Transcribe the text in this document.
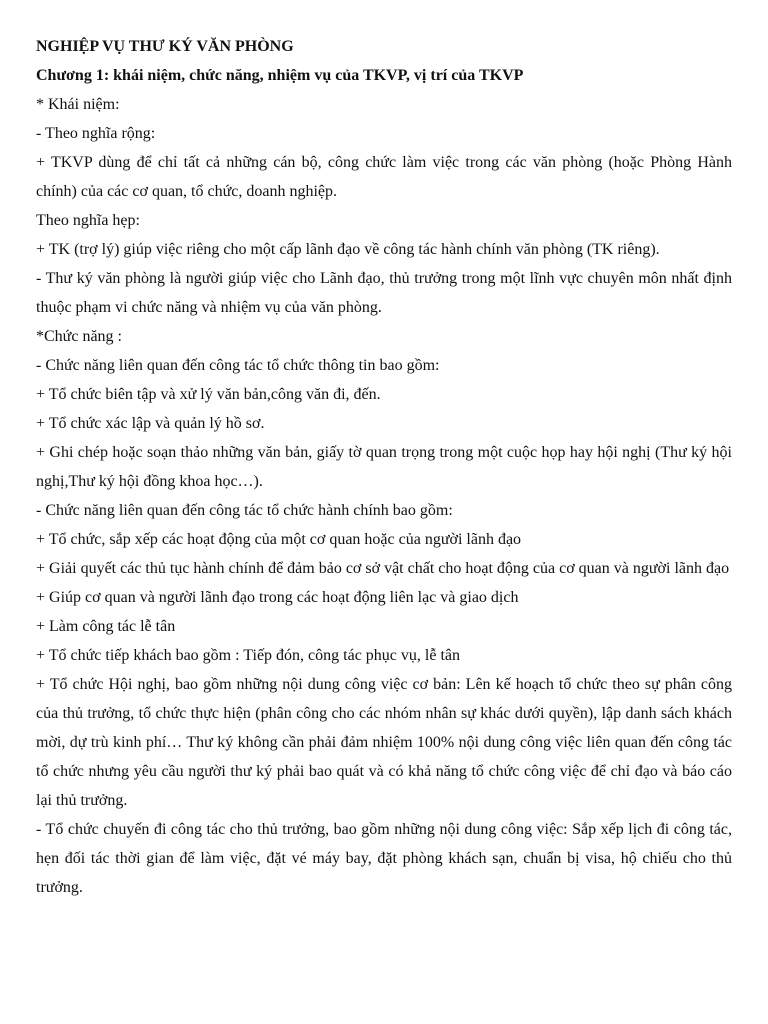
NGHIỆP VỤ THƯ KÝ VĂN PHÒNG

Chương 1: khái niệm, chức năng, nhiệm vụ của TKVP, vị trí của TKVP

* Khái niệm:

- Theo nghĩa rộng:

+ TKVP dùng để chỉ tất cả những cán bộ, công chức làm việc trong các văn phòng (hoặc Phòng Hành chính) của các cơ quan, tổ chức, doanh nghiệp.

Theo nghĩa hẹp:

+ TK (trợ lý) giúp việc riêng cho một cấp lãnh đạo về công tác hành chính văn phòng (TK riêng).

- Thư ký văn phòng là người giúp việc cho Lãnh đạo, thủ trưởng trong một lĩnh vực chuyên môn nhất định thuộc phạm vi chức năng và nhiệm vụ của văn phòng.

*Chức năng :

- Chức năng liên quan đến công tác tổ chức thông tin bao gồm:

+ Tổ chức biên tập và xử lý văn bản,công văn đi, đến.

+ Tổ chức xác lập và quản lý hồ sơ.

+ Ghi chép hoặc soạn thảo những văn bản, giấy tờ quan trọng trong một cuộc họp hay hội nghị (Thư ký hội nghị,Thư ký hội đồng khoa học…).

- Chức năng liên quan đến công tác tổ chức hành chính bao gồm:

+ Tổ chức, sắp xếp các hoạt động của một cơ quan hoặc của người lãnh đạo

+ Giải quyết các thủ tục hành chính để đảm bảo cơ sở vật chất cho hoạt động của cơ quan và người lãnh đạo

+ Giúp cơ quan và người lãnh đạo trong các hoạt động liên lạc và giao dịch

+ Làm công tác lễ tân

+ Tổ chức tiếp khách bao gồm : Tiếp đón, công tác phục vụ, lễ tân

+ Tổ chức Hội nghị, bao gồm những nội dung công việc cơ bản: Lên kế hoạch tổ chức theo sự phân công của thủ trưởng, tổ chức thực hiện (phân công cho các nhóm nhân sự khác dưới quyền), lập danh sách khách mời, dự trù kinh phí… Thư ký không cần phải đảm nhiệm 100% nội dung công việc liên quan đến công tác tổ chức nhưng yêu cầu người thư ký phải bao quát và có khả năng tổ chức công việc để chỉ đạo và báo cáo lại thủ trưởng.

- Tổ chức chuyến đi công tác cho thủ trưởng, bao gồm những nội dung công việc: Sắp xếp lịch đi công tác, hẹn đối tác thời gian để làm việc, đặt vé máy bay, đặt phòng khách sạn, chuẩn bị visa, hộ chiếu cho thủ trưởng.
